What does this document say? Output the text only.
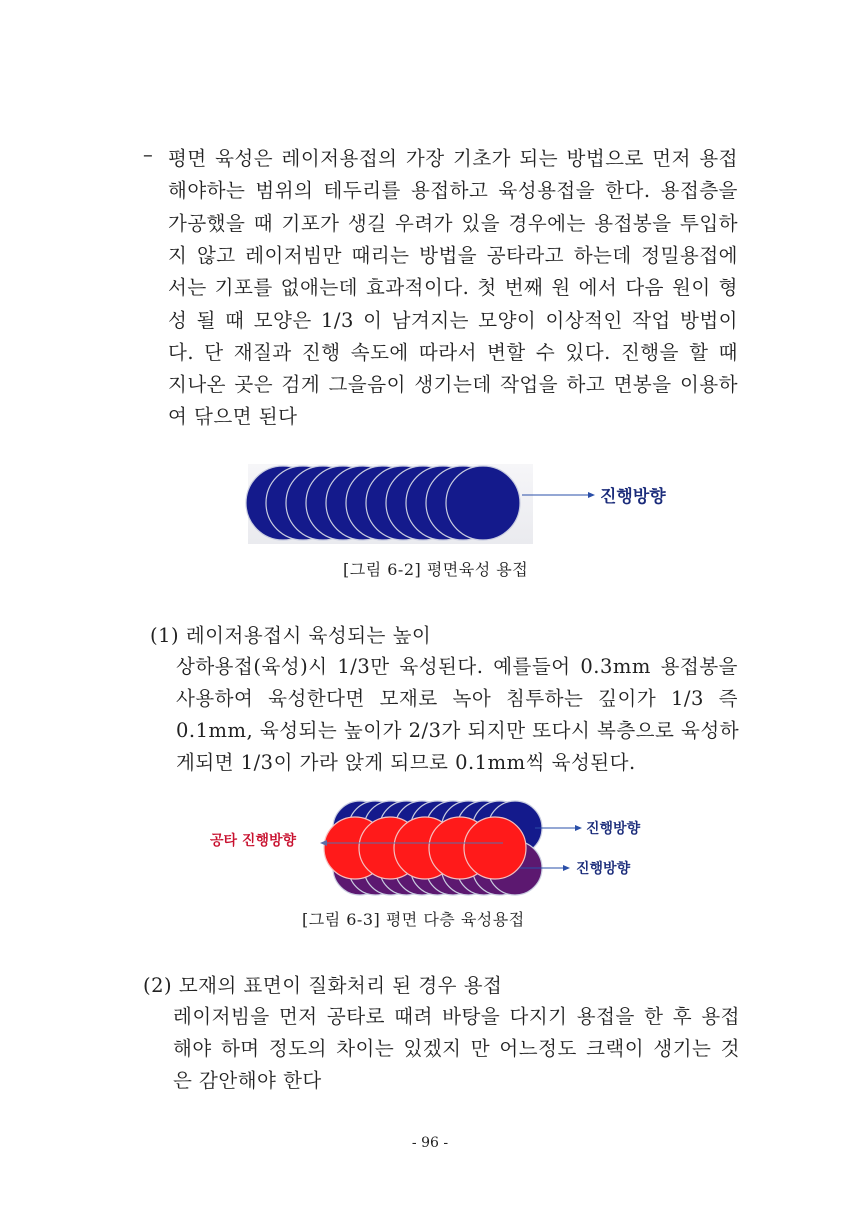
– 평면 육성은 레이저용접의 가장 기초가 되는 방법으로 먼저 용접
해야하는 범위의 테두리를 용접하고 육성용접을 한다. 용접층을
가공했을 때 기포가 생길 우려가 있을 경우에는 용접봉을 투입하
지 않고 레이저빔만 때리는 방법을 공타라고 하는데 정밀용접에
서는 기포를 없애는데 효과적이다. 첫 번째 원 에서 다음 원이 형
성 될 때 모양은 1/3 이 남겨지는 모양이 이상적인 작업 방법이
다. 단 재질과 진행 속도에 따라서 변할 수 있다. 진행을 할 때
지나온 곳은 검게 그을음이 생기는데 작업을 하고 면봉을 이용하
여 닦으면 된다
진행방향
[그림 6-2] 평면육성 용접
(1) 레이저용접시 육성되는 높이
상하용접(육성)시 1/3만 육성된다. 예를들어 0.3mm 용접봉을
사용하여 육성한다면 모재로 녹아 침투하는 깊이가 1/3 즉
0.1mm, 육성되는 높이가 2/3가 되지만 또다시 복층으로 육성하
게되면 1/3이 가라 앉게 되므로 0.1mm씩 육성된다.
공타 진행방향
진행방향
진행방향
[그림 6-3] 평면 다층 육성용접
(2) 모재의 표면이 질화처리 된 경우 용접
레이저빔을 먼저 공타로 때려 바탕을 다지기 용접을 한 후 용접
해야 하며 정도의 차이는 있겠지 만 어느정도 크랙이 생기는 것
은 감안해야 한다
- 96 -
